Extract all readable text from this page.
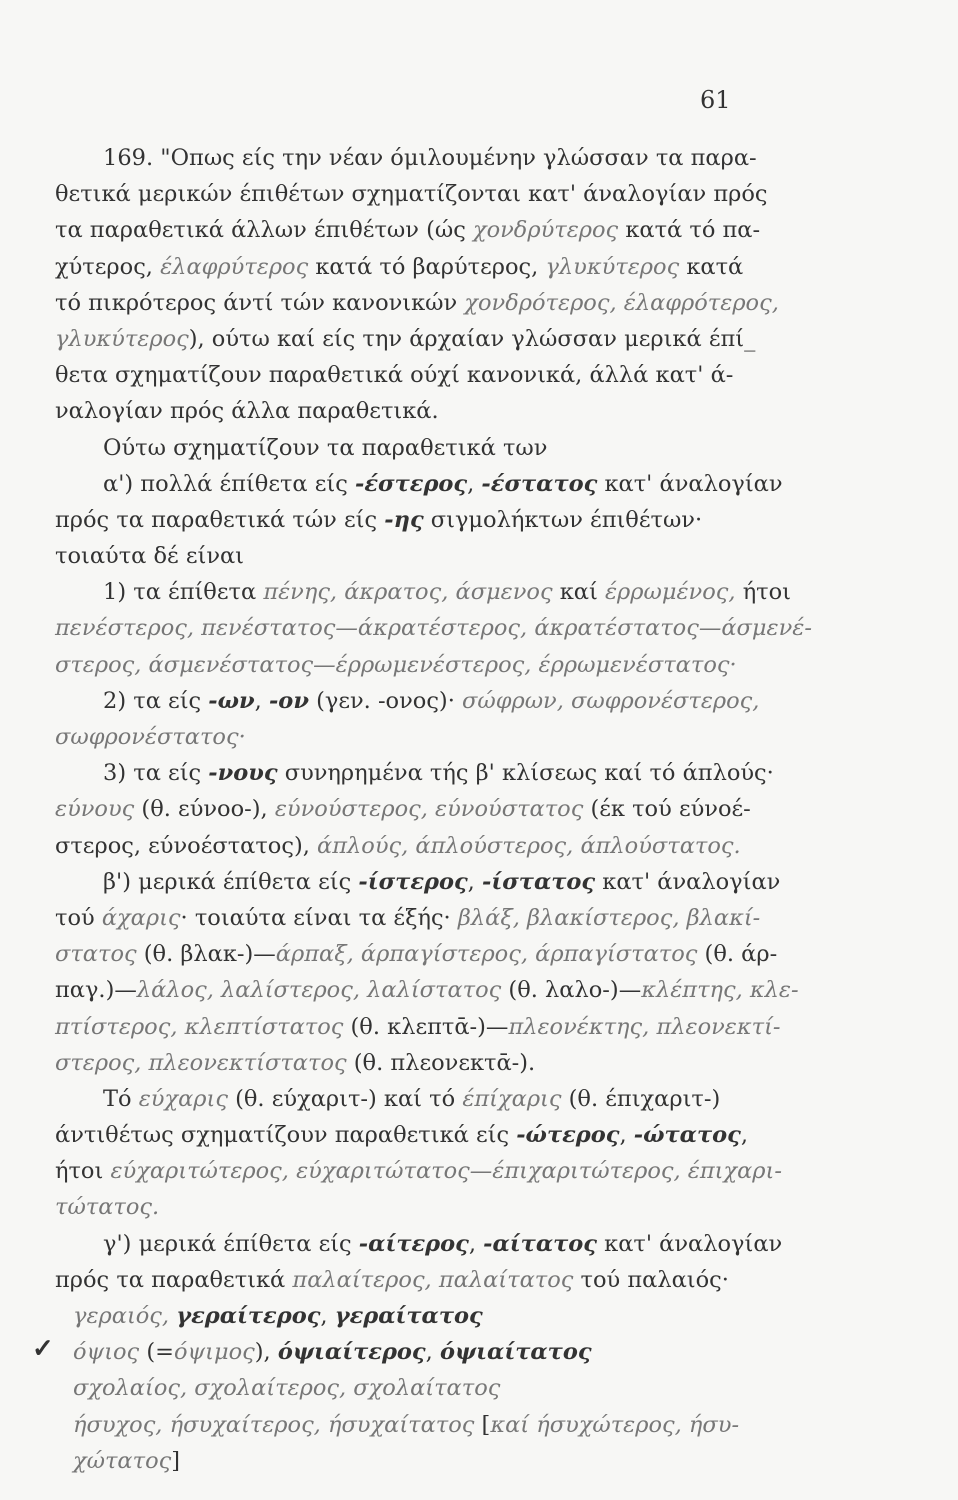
61
✓
169. "Οπως είς την νέαν όμιλουμένην γλώσσαν τα παρα-
θετικά μερικών έπιθέτων σχηματίζονται κατ' άναλογίαν πρός
τα παραθετικά άλλων έπιθέτων (ώς χονδρύτερος κατά τό πα-
χύτερος, έλαφρύτερος κατά τό βαρύτερος, γλυκύτερος κατά
τό πικρότερος άντί τών κανονικών χονδρότερος, έλαφρότερος,
γλυκύτερος), ούτω καί είς την άρχαίαν γλώσσαν μερικά έπί_
θετα σχηματίζουν παραθετικά ούχί κανονικά, άλλά κατ' ά-
ναλογίαν πρός άλλα παραθετικά.
Ούτω σχηματίζουν τα παραθετικά των
α') πολλά έπίθετα είς -έστερος, -έστατος κατ' άναλογίαν
πρός τα παραθετικά τών είς -ης σιγμολήκτων έπιθέτων·
τοιαύτα δέ είναι
1) τα έπίθετα πένης, άκρατος, άσμενος καί έρρωμένος, ήτοι
πενέστερος, πενέστατος—άκρατέστερος, άκρατέστατος—άσμενέ-
στερος, άσμενέστατος—έρρωμενέστερος, έρρωμενέστατος·
2) τα είς -ων, -ον (γεν. -ονος)· σώφρων, σωφρονέστερος,
σωφρονέστατος·
3) τα είς -νους συνηρημένα τής β' κλίσεως καί τό άπλούς·
εύνους (θ. εύνοο-), εύνούστερος, εύνούστατος (έκ τού εύνοέ-
στερος, εύνοέστατος), άπλούς, άπλούστερος, άπλούστατος.
β') μερικά έπίθετα είς -ίστερος, -ίστατος κατ' άναλογίαν
τού άχαρις· τοιαύτα είναι τα έξής· βλάξ, βλακίστερος, βλακί-
στατος (θ. βλακ-)—άρπαξ, άρπαγίστερος, άρπαγίστατος (θ. άρ-
παγ.)—λάλος, λαλίστερος, λαλίστατος (θ. λαλο-)—κλέπτης, κλε-
πτίστερος, κλεπτίστατος (θ. κλεπτᾱ-)—πλεονέκτης, πλεονεκτί-
στερος, πλεονεκτίστατος (θ. πλεονεκτᾱ-).
Τό εύχαρις (θ. εύχαριτ-) καί τό έπίχαρις (θ. έπιχαριτ-)
άντιθέτως σχηματίζουν παραθετικά είς -ώτερος, -ώτατος,
ήτοι εύχαριτώτερος, εύχαριτώτατος—έπιχαριτώτερος, έπιχαρι-
τώτατος.
γ') μερικά έπίθετα είς -αίτερος, -αίτατος κατ' άναλογίαν
πρός τα παραθετικά παλαίτερος, παλαίτατος τού παλαιός·
γεραιός, γεραίτερος, γεραίτατος
όψιος (=όψιμος), όψιαίτερος, όψιαίτατος
σχολαίος, σχολαίτερος, σχολαίτατος
ήσυχος, ήσυχαίτερος, ήσυχαίτατος [καί ήσυχώτερος, ήσυ-
χώτατος]
